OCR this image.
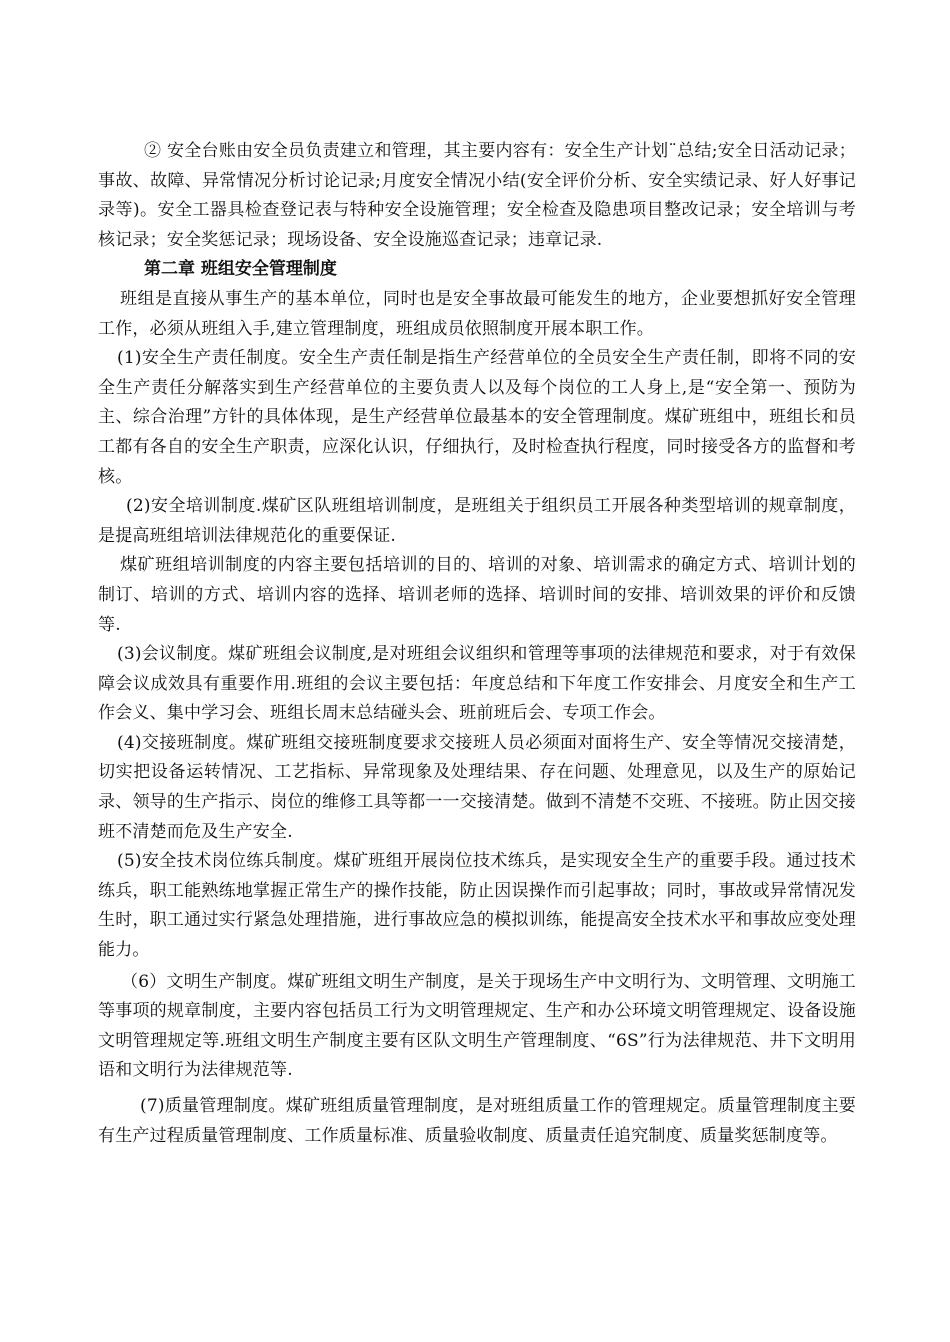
② 安全台账由安全员负责建立和管理，其主要内容有：安全生产计划¨总结;安全日活动记录；事故、故障、异常情况分析讨论记录;月度安全情况小结(安全评价分析、安全实绩记录、好人好事记录等)。安全工器具检查登记表与特种安全设施管理；安全检查及隐患项目整改记录；安全培训与考核记录；安全奖惩记录；现场设备、安全设施巡查记录；违章记录.

第二章 班组安全管理制度

班组是直接从事生产的基本单位，同时也是安全事故最可能发生的地方，企业要想抓好安全管理工作，必须从班组入手,建立管理制度，班组成员依照制度开展本职工作。

(1)安全生产责任制度。安全生产责任制是指生产经营单位的全员安全生产责任制，即将不同的安全生产责任分解落实到生产经营单位的主要负责人以及每个岗位的工人身上,是“安全第一、预防为主、综合治理”方针的具体体现，是生产经营单位最基本的安全管理制度。煤矿班组中，班组长和员工都有各自的安全生产职责，应深化认识，仔细执行，及时检查执行程度，同时接受各方的监督和考核。

(2)安全培训制度.煤矿区队班组培训制度，是班组关于组织员工开展各种类型培训的规章制度，是提高班组培训法律规范化的重要保证.

煤矿班组培训制度的内容主要包括培训的目的、培训的对象、培训需求的确定方式、培训计划的制订、培训的方式、培训内容的选择、培训老师的选择、培训时间的安排、培训效果的评价和反馈等.

(3)会议制度。煤矿班组会议制度,是对班组会议组织和管理等事项的法律规范和要求，对于有效保障会议成效具有重要作用.班组的会议主要包括：年度总结和下年度工作安排会、月度安全和生产工作会义、集中学习会、班组长周末总结碰头会、班前班后会、专项工作会。

(4)交接班制度。煤矿班组交接班制度要求交接班人员必须面对面将生产、安全等情况交接清楚，切实把设备运转情况、工艺指标、异常现象及处理结果、存在问题、处理意见，以及生产的原始记录、领导的生产指示、岗位的维修工具等都一一交接清楚。做到不清楚不交班、不接班。防止因交接班不清楚而危及生产安全.

(5)安全技术岗位练兵制度。煤矿班组开展岗位技术练兵，是实现安全生产的重要手段。通过技术练兵，职工能熟练地掌握正常生产的操作技能，防止因误操作而引起事故；同时，事故或异常情况发生时，职工通过实行紧急处理措施，进行事故应急的模拟训练，能提高安全技术水平和事故应变处理能力。

（6）文明生产制度。煤矿班组文明生产制度，是关于现场生产中文明行为、文明管理、文明施工等事项的规章制度，主要内容包括员工行为文明管理规定、生产和办公环境文明管理规定、设备设施文明管理规定等.班组文明生产制度主要有区队文明生产管理制度、“6S”行为法律规范、井下文明用语和文明行为法律规范等.

(7)质量管理制度。煤矿班组质量管理制度，是对班组质量工作的管理规定。质量管理制度主要有生产过程质量管理制度、工作质量标准、质量验收制度、质量责任追究制度、质量奖惩制度等。
